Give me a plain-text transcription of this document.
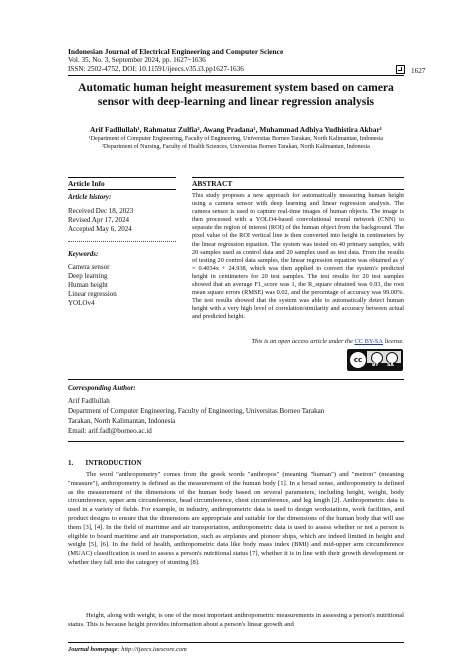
Indonesian Journal of Electrical Engineering and Computer Science
Vol. 35, No. 3, September 2024, pp. 1627~1636
ISSN: 2502-4752, DOI: 10.11591/ijeecs.v35.i3.pp1627-1636	1627
Automatic human height measurement system based on camera sensor with deep-learning and linear regression analysis
Arif Fadllullah¹, Rahmatuz Zulfia², Awang Pradana¹, Muhammad Adhiya Yudhistira Akbar¹
¹Department of Computer Engineering, Faculty of Engineering, Universitas Borneo Tarakan, North Kalimantan, Indonesia
²Department of Nursing, Faculty of Health Sciences, Universitas Borneo Tarakan, North Kalimantan, Indonesia
Article Info
Article history:
Received Dec 18, 2023
Revised Apr 17, 2024
Accepted May 6, 2024
Keywords:
Camera sensor
Deep learning
Human height
Linear regression
YOLOv4
ABSTRACT
This study proposes a new approach for automatically measuring human height using a camera sensor with deep learning and linear regression analysis. The camera sensor is used to capture real-time images of human objects. The image is then processed with a YOLO4-based convolutional neural network (CNN) to separate the region of interest (ROI) of the human object from the background. The pixel value of the ROI vertical line is then converted into height in centimeters by the linear regression equation. The system was tested on 40 primary samples, with 20 samples used as control data and 20 samples used as test data. From the results of testing 20 control data samples, the linear regression equation was obtained as y' = 0.4034x + 24.938, which was then applied to convert the system's predicted height in centimeters for 20 test samples. The test results for 20 test samples showed that an average F1_score was 1, the R_square obtained was 0.93, the root mean square errors (RMSE) was 0.02, and the percentage of accuracy was 99.00%. The test results showed that the system was able to automatically detect human height with a very high level of correlation/similarity and accuracy between actual and predicted height.
This is an open access article under the CC BY-SA license.
cc
BY SA
Corresponding Author:
Arif Fadllullah
Department of Computer Engineering, Faculty of Engineering, Universitas Borneo Tarakan
Tarakan, North Kalimantan, Indonesia
Email: arif.fadl@borneo.ac.id
1.       INTRODUCTION
The word "anthropometry" comes from the greek words "anthropos" (meaning "human") and "metron" (meaning "measure"), anthropometry is defined as the measurement of the human body [1]. In a broad sense, anthropometry is defined as the measurement of the dimensions of the human body based on several parameters, including height, weight, body circumference, upper arm circumference, head circumference, chest circumference, and leg length [2]. Anthropometric data is used in a variety of fields. For example, in industry, anthropometric data is used to design workstations, work facilities, and product designs to ensure that the dimensions are appropriate and suitable for the dimensions of the human body that will use them [3], [4]. In the field of maritime and air transportation, anthropometric data is used to assess whether or not a person is eligible to board maritime and air transportation, such as airplanes and pioneer ships, which are indeed limited in height and weight [5], [6]. In the field of health, anthropometric data like body mass index (BMI) and mid-upper arm circumference (MUAC) classification is used to assess a person's nutritional status [7], whether it is in line with their growth development or whether they fall into the category of stunting [8].
Height, along with weight, is one of the most important anthropometric measurements in assessing a person's nutritional status. This is because height provides information about a person's linear growth and
Journal homepage: http://ijeecs.iaescore.com
